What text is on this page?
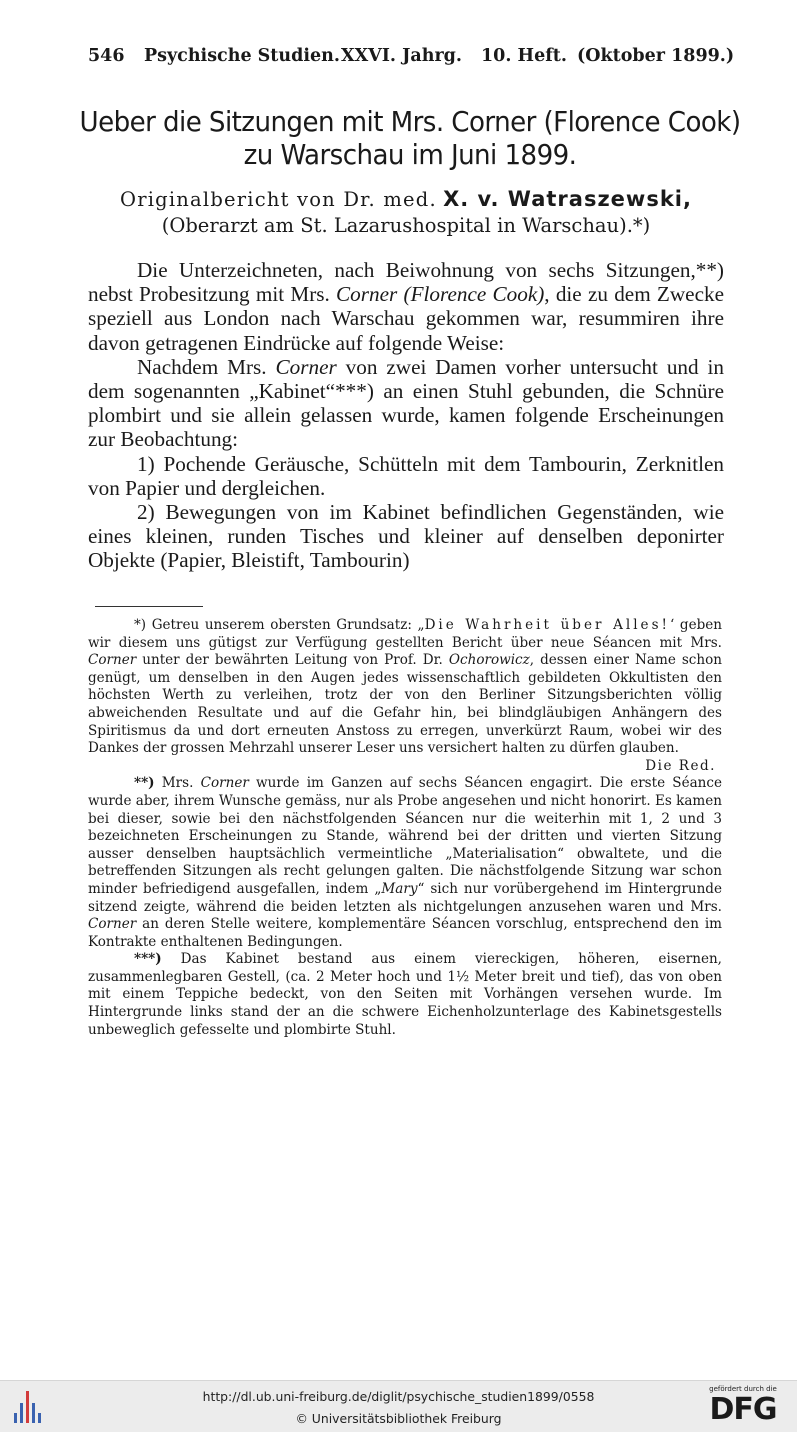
546 Psychische Studien. XXVI. Jahrg. 10. Heft. (Oktober 1899.)
Ueber die Sitzungen mit Mrs. Corner (Florence Cook)
zu Warschau im Juni 1899.
Originalbericht von Dr. med. X. v. Watraszewski,
(Oberarzt am St. Lazarushospital in Warschau).*)

Die Unterzeichneten, nach Beiwohnung von sechs Sitzungen,**) nebst Probesitzung mit Mrs. Corner (Florence Cook), die zu dem Zwecke speziell aus London nach Warschau gekommen war, resummiren ihre davon getragenen Eindrücke auf folgende Weise:

Nachdem Mrs. Corner von zwei Damen vorher untersucht und in dem sogenannten „Kabinet“***) an einen Stuhl gebunden, die Schnüre plombirt und sie allein gelassen wurde, kamen folgende Erscheinungen zur Beobachtung:

1) Pochende Geräusche, Schütteln mit dem Tambourin, Zerknitlen von Papier und dergleichen.

2) Bewegungen von im Kabinet befindlichen Gegenständen, wie eines kleinen, runden Tisches und kleiner auf denselben deponirter Objekte (Papier, Bleistift, Tambourin)

*) Getreu unserem obersten Grundsatz: „Die Wahrheit über Alles!‘ geben wir diesem uns gütigst zur Verfügung gestellten Bericht über neue Séancen mit Mrs. Corner unter der bewährten Leitung von Prof. Dr. Ochorowicz, dessen einer Name schon genügt, um denselben in den Augen jedes wissenschaftlich gebildeten Okkultisten den höchsten Werth zu verleihen, trotz der von den Berliner Sitzungsberichten völlig abweichenden Resultate und auf die Gefahr hin, bei blindgläubigen Anhängern des Spiritismus da und dort erneuten Anstoss zu erregen, unverkürzt Raum, wobei wir des Dankes der grossen Mehrzahl unserer Leser uns versichert halten zu dürfen glauben.

Die Red.

**) Mrs. Corner wurde im Ganzen auf sechs Séancen engagirt. Die erste Séance wurde aber, ihrem Wunsche gemäss, nur als Probe angesehen und nicht honorirt. Es kamen bei dieser, sowie bei den nächstfolgenden Séancen nur die weiterhin mit 1, 2 und 3 bezeichneten Erscheinungen zu Stande, während bei der dritten und vierten Sitzung ausser denselben hauptsächlich vermeintliche „Materialisation“ obwaltete, und die betreffenden Sitzungen als recht gelungen galten. Die nächstfolgende Sitzung war schon minder befriedigend ausgefallen, indem „Mary“ sich nur vorübergehend im Hintergrunde sitzend zeigte, während die beiden letzten als nichtgelungen anzusehen waren und Mrs. Corner an deren Stelle weitere, komplementäre Séancen vorschlug, entsprechend den im Kontrakte enthaltenen Bedingungen.

***) Das Kabinet bestand aus einem viereckigen, höheren, eisernen, zusammenlegbaren Gestell, (ca. 2 Meter hoch und 1½ Meter breit und tief), das von oben mit einem Teppiche bedeckt, von den Seiten mit Vorhängen versehen wurde. Im Hintergrunde links stand der an die schwere Eichenholzunterlage des Kabinetsgestells unbeweglich gefesselte und plombirte Stuhl.

http://dl.ub.uni-freiburg.de/diglit/psychische_studien1899/0558
© Universitätsbibliothek Freiburg
gefördert durch die
DFG
